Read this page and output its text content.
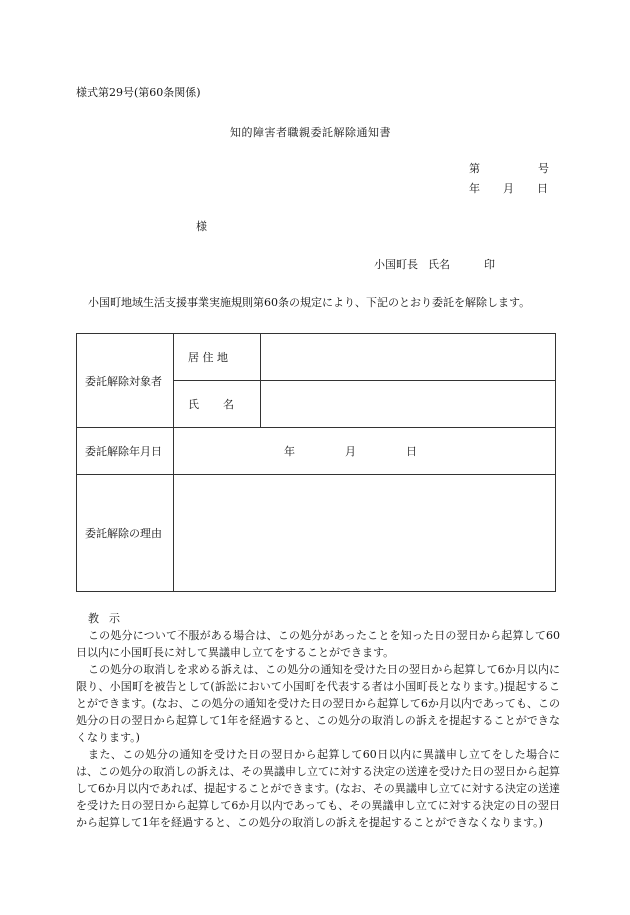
様式第29号(第60条関係)
知的障害者職親委託解除通知書
第	号
年 月 日
様
小国町長 氏名	印
小国町地域生活支援事業実施規則第60条の規定により、下記のとおり委託を解除します。
委託解除対象者	居 住 地	
	氏 名	
委託解除年月日	年 月 日	
委託解除の理由		
教示
この処分について不服がある場合は、この処分があったことを知った日の翌日から起算して60日以内に小国町長に対して異議申し立てをすることができます。
この処分の取消しを求める訴えは、この処分の通知を受けた日の翌日から起算して6か月以内に限り、小国町を被告として(訴訟において小国町を代表する者は小国町長となります。)提起することができます。(なお、この処分の通知を受けた日の翌日から起算して6か月以内であっても、この処分の日の翌日から起算して1年を経過すると、この処分の取消しの訴えを提起することができなくなります。)
また、この処分の通知を受けた日の翌日から起算して60日以内に異議申し立てをした場合には、この処分の取消しの訴えは、その異議申し立てに対する決定の送達を受けた日の翌日から起算して6か月以内であれば、提起することができます。(なお、その異議申し立てに対する決定の送達を受けた日の翌日から起算して6か月以内であっても、その異議申し立てに対する決定の日の翌日から起算して1年を経過すると、この処分の取消しの訴えを提起することができなくなります。)
